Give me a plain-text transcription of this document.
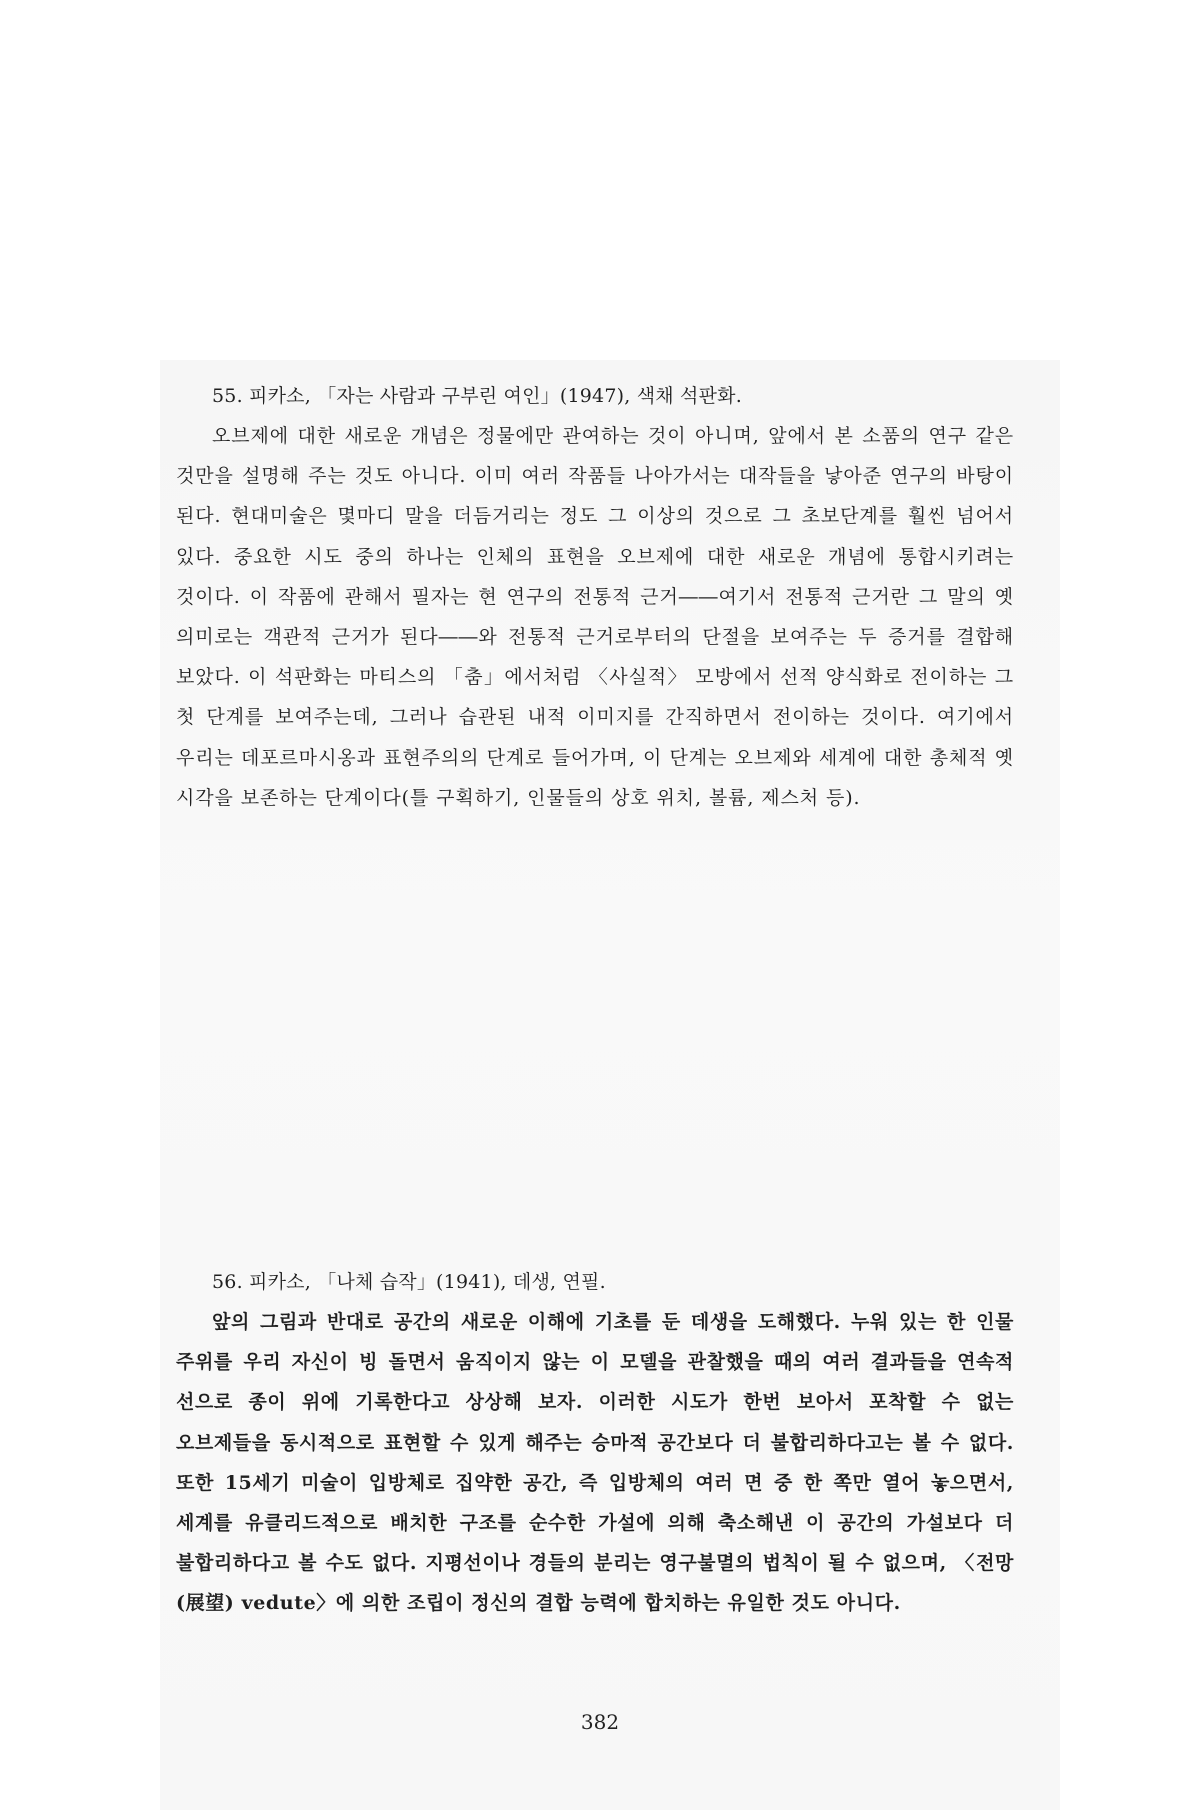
55. 피카소, 「자는 사람과 구부린 여인」(1947), 색채 석판화.

오브제에 대한 새로운 개념은 정물에만 관여하는 것이 아니며, 앞에서 본 소품의 연구 같은 것만을 설명해 주는 것도 아니다. 이미 여러 작품들 나아가서는 대작들을 낳아준 연구의 바탕이 된다. 현대미술은 몇마디 말을 더듬거리는 정도 그 이상의 것으로 그 초보단계를 훨씬 넘어서 있다. 중요한 시도 중의 하나는 인체의 표현을 오브제에 대한 새로운 개념에 통합시키려는 것이다. 이 작품에 관해서 필자는 현 연구의 전통적 근거――여기서 전통적 근거란 그 말의 옛 의미로는 객관적 근거가 된다――와 전통적 근거로부터의 단절을 보여주는 두 증거를 결합해 보았다. 이 석판화는 마티스의 「춤」에서처럼 〈사실적〉 모방에서 선적 양식화로 전이하는 그 첫 단계를 보여주는데, 그러나 습관된 내적 이미지를 간직하면서 전이하는 것이다. 여기에서 우리는 데포르마시옹과 표현주의의 단계로 들어가며, 이 단계는 오브제와 세계에 대한 총체적 옛 시각을 보존하는 단계이다(틀 구획하기, 인물들의 상호 위치, 볼륨, 제스처 등).

56. 피카소, 「나체 습작」(1941), 데생, 연필.

앞의 그림과 반대로 공간의 새로운 이해에 기초를 둔 데생을 도해했다. 누워 있는 한 인물 주위를 우리 자신이 빙 돌면서 움직이지 않는 이 모델을 관찰했을 때의 여러 결과들을 연속적 선으로 종이 위에 기록한다고 상상해 보자. 이러한 시도가 한번 보아서 포착할 수 없는 오브제들을 동시적으로 표현할 수 있게 해주는 승마적 공간보다 더 불합리하다고는 볼 수 없다. 또한 15세기 미술이 입방체로 집약한 공간, 즉 입방체의 여러 면 중 한 쪽만 열어 놓으면서, 세계를 유클리드적으로 배치한 구조를 순수한 가설에 의해 축소해낸 이 공간의 가설보다 더 불합리하다고 볼 수도 없다. 지평선이나 경들의 분리는 영구불멸의 법칙이 될 수 없으며, 〈전망(展望) vedute〉에 의한 조립이 정신의 결합 능력에 합치하는 유일한 것도 아니다.

382
